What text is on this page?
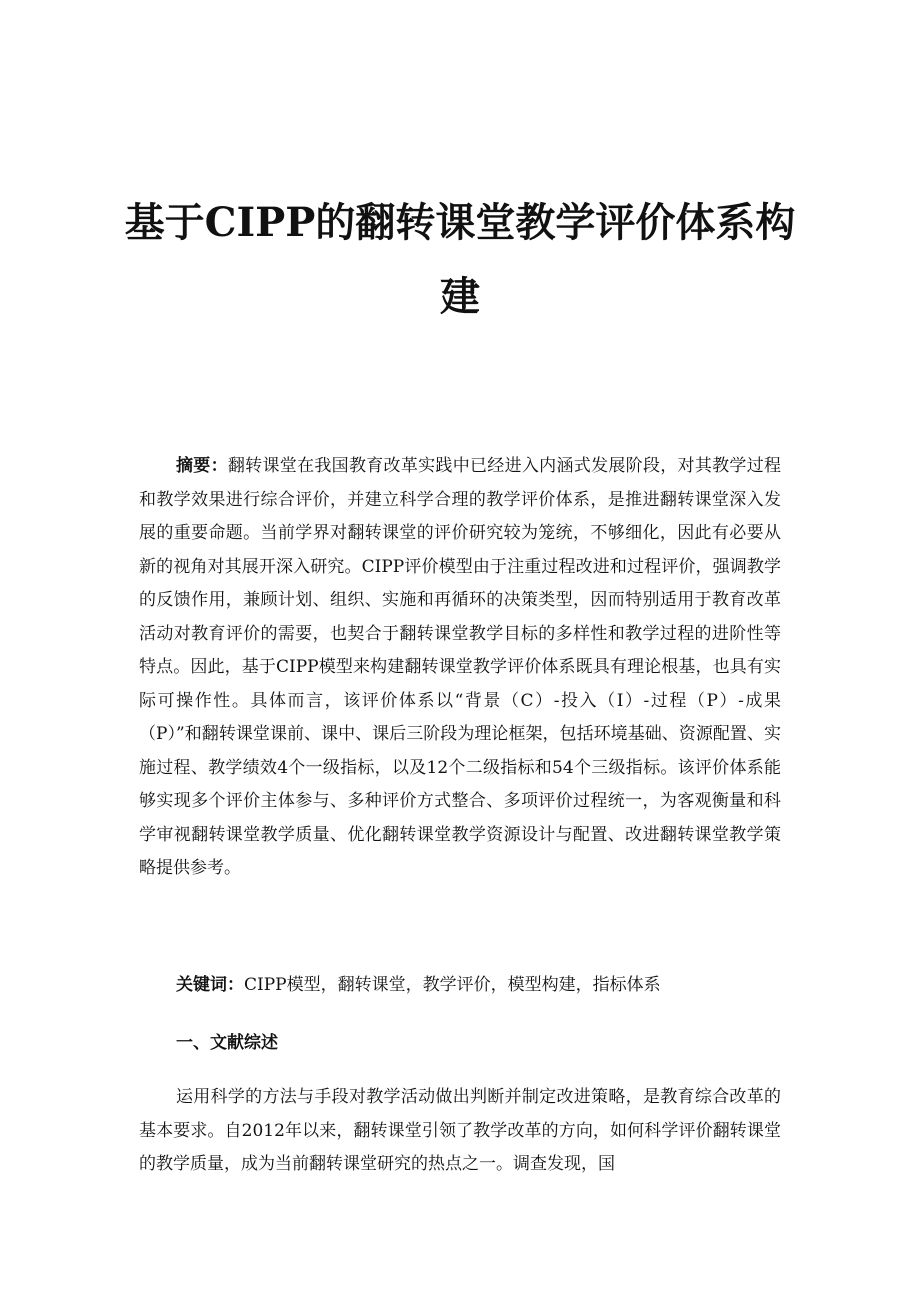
基于CIPP的翻转课堂教学评价体系构建

摘要：翻转课堂在我国教育改革实践中已经进入内涵式发展阶段，对其教学过程和教学效果进行综合评价，并建立科学合理的教学评价体系，是推进翻转课堂深入发展的重要命题。当前学界对翻转课堂的评价研究较为笼统，不够细化，因此有必要从新的视角对其展开深入研究。CIPP评价模型由于注重过程改进和过程评价，强调教学的反馈作用，兼顾计划、组织、实施和再循环的决策类型，因而特别适用于教育改革活动对教育评价的需要，也契合于翻转课堂教学目标的多样性和教学过程的进阶性等特点。因此，基于CIPP模型来构建翻转课堂教学评价体系既具有理论根基，也具有实际可操作性。具体而言，该评价体系以“背景（C）-投入（I）-过程（P）-成果（P）”和翻转课堂课前、课中、课后三阶段为理论框架，包括环境基础、资源配置、实施过程、教学绩效4个一级指标，以及12个二级指标和54个三级指标。该评价体系能够实现多个评价主体参与、多种评价方式整合、多项评价过程统一，为客观衡量和科学审视翻转课堂教学质量、优化翻转课堂教学资源设计与配置、改进翻转课堂教学策略提供参考。

关键词：CIPP模型，翻转课堂，教学评价，模型构建，指标体系

一、文献综述

运用科学的方法与手段对教学活动做出判断并制定改进策略，是教育综合改革的基本要求。自2012年以来，翻转课堂引领了教学改革的方向，如何科学评价翻转课堂的教学质量，成为当前翻转课堂研究的热点之一。调查发现，国
